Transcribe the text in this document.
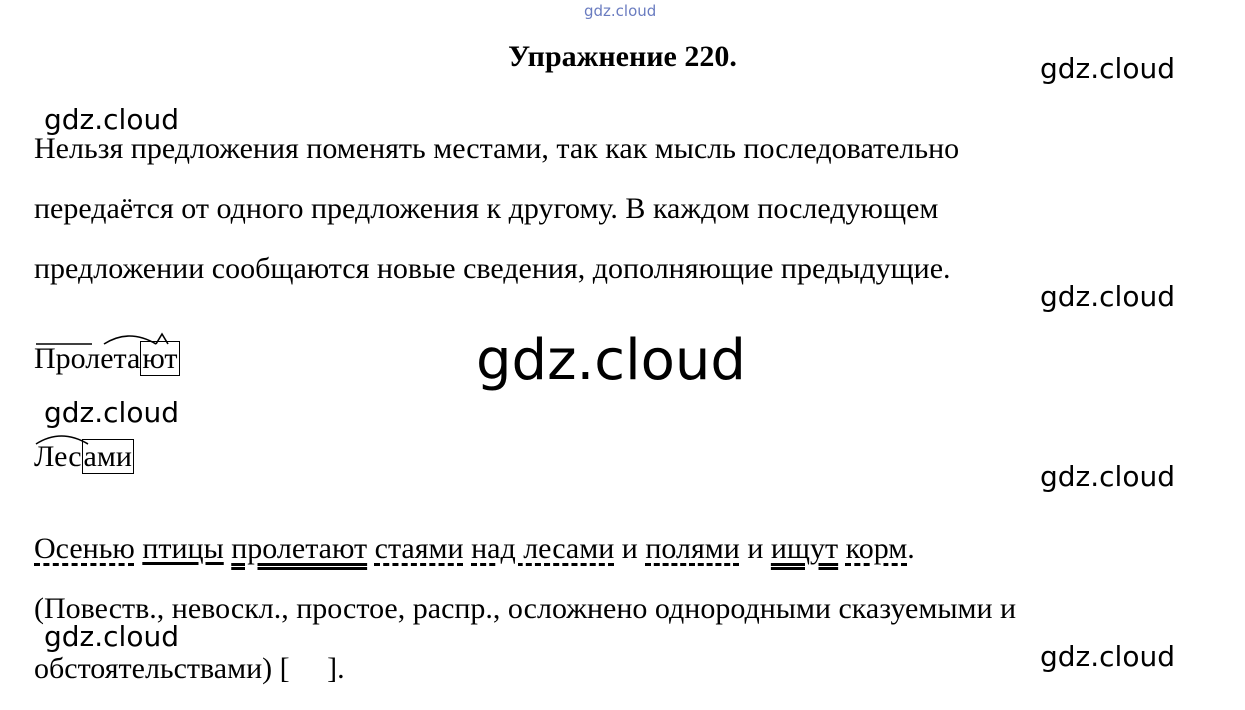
gdz.cloud
gdz.cloud
gdz.cloud
gdz.cloud
gdz.cloud
gdz.cloud
gdz.cloud
gdz.cloud
gdz.cloud
Упражнение 220.
Нельзя предложения поменять местами, так как мысль последовательно
передаётся от одного предложения к другому. В каждом последующем
предложении сообщаются новые сведения, дополняющие предыдущие.
Пролетают
Лесами
Осенью птицы пролетают стаями над лесами и полями и ищут корм.
(Повеств., невоскл., простое, распр., осложнено однородными сказуемыми и
обстоятельствами) [     ].
